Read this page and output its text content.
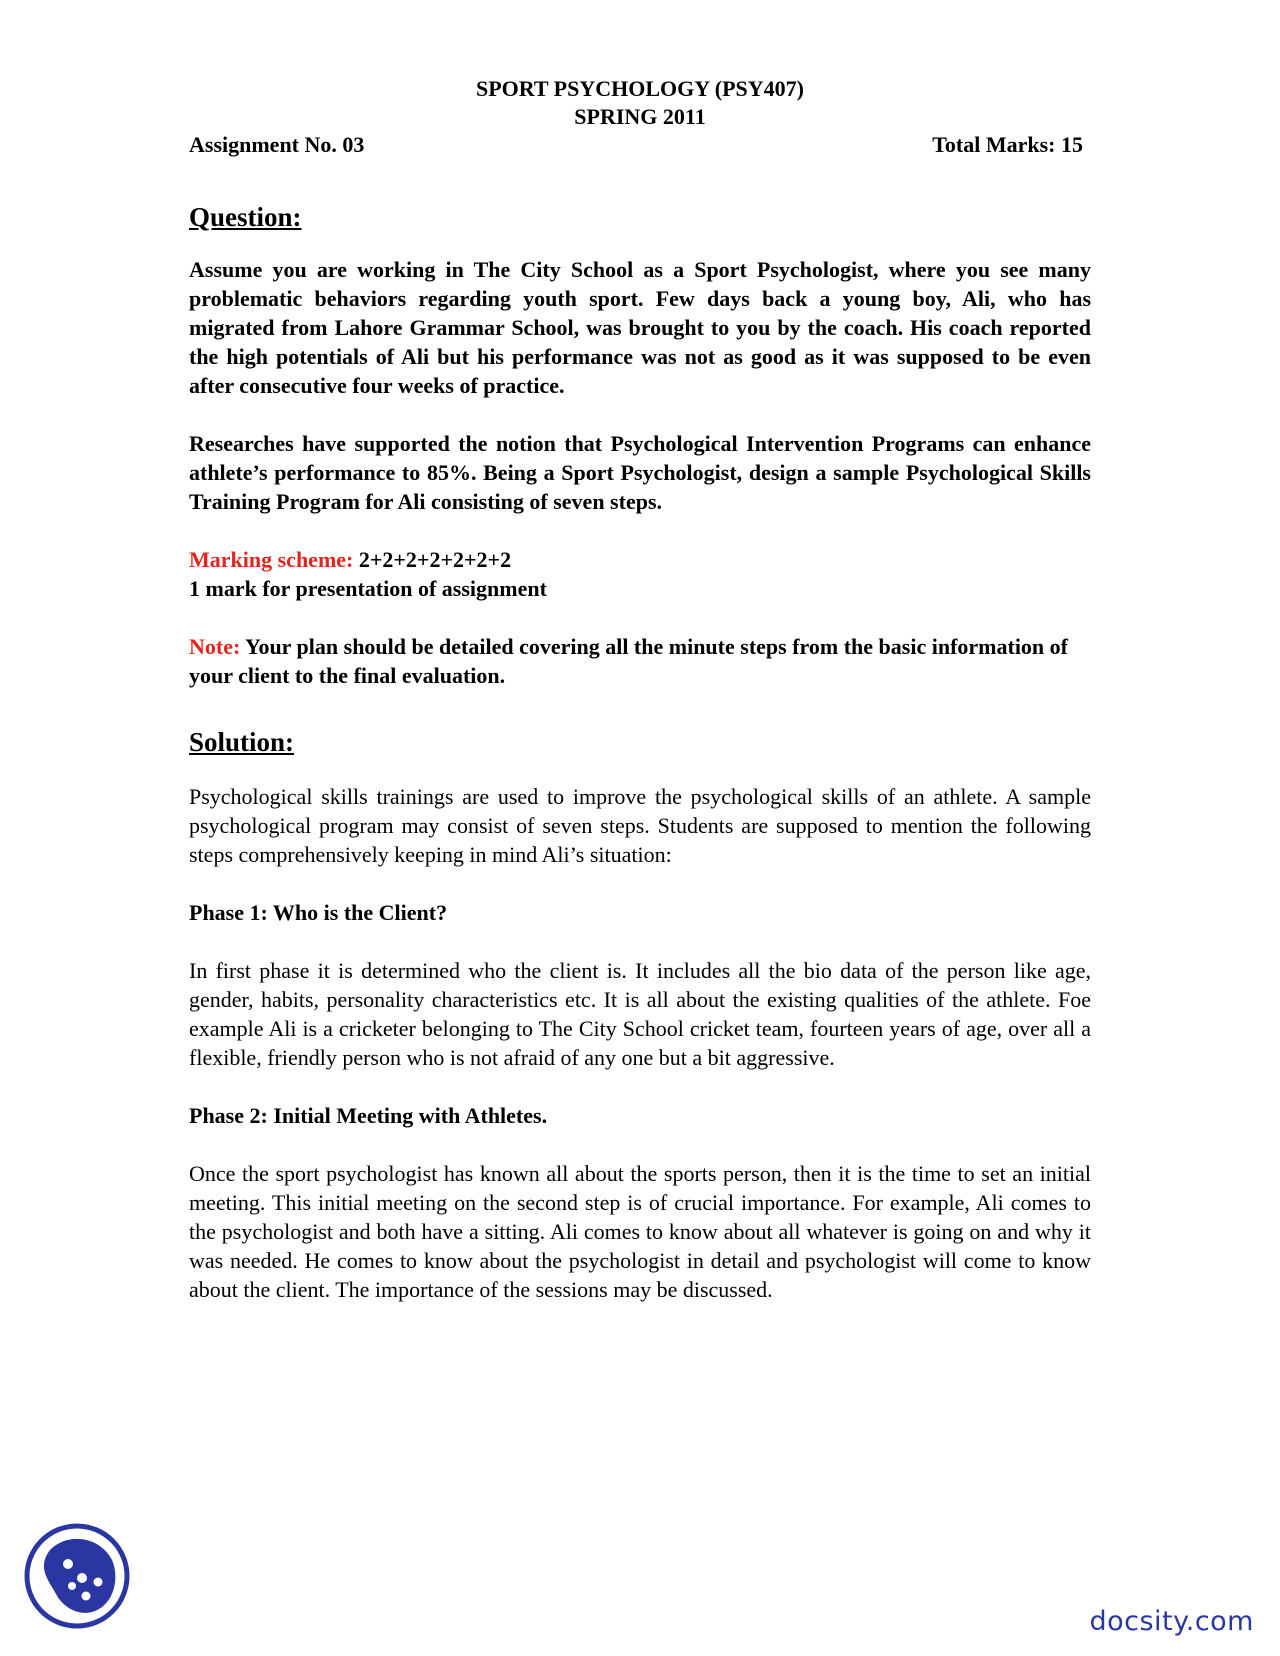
SPORT PSYCHOLOGY (PSY407)
SPRING 2011
Assignment No. 03	Total Marks: 15
Question:

Assume you are working in The City School as a Sport Psychologist, where you see many problematic behaviors regarding youth sport. Few days back a young boy, Ali, who has migrated from Lahore Grammar School, was brought to you by the coach. His coach reported the high potentials of Ali but his performance was not as good as it was supposed to be even after consecutive four weeks of practice.

Researches have supported the notion that Psychological Intervention Programs can enhance athlete’s performance to 85%. Being a Sport Psychologist, design a sample Psychological Skills Training Program for Ali consisting of seven steps.

Marking scheme: 2+2+2+2+2+2+2

1 mark for presentation of assignment

Note: Your plan should be detailed covering all the minute steps from the basic information of your client to the final evaluation.

Solution:

Psychological skills trainings are used to improve the psychological skills of an athlete. A sample psychological program may consist of seven steps. Students are supposed to mention the following steps comprehensively keeping in mind Ali’s situation:

Phase 1: Who is the Client?

In first phase it is determined who the client is. It includes all the bio data of the person like age, gender, habits, personality characteristics etc. It is all about the existing qualities of the athlete. Foe example Ali is a cricketer belonging to The City School cricket team, fourteen years of age, over all a flexible, friendly person who is not afraid of any one but a bit aggressive.

Phase 2: Initial Meeting with Athletes.

Once the sport psychologist has known all about the sports person, then it is the time to set an initial meeting. This initial meeting on the second step is of crucial importance. For example, Ali comes to the psychologist and both have a sitting. Ali comes to know about all whatever is going on and why it was needed. He comes to know about the psychologist in detail and psychologist will come to know about the client. The importance of the sessions may be discussed.

docsity.com
